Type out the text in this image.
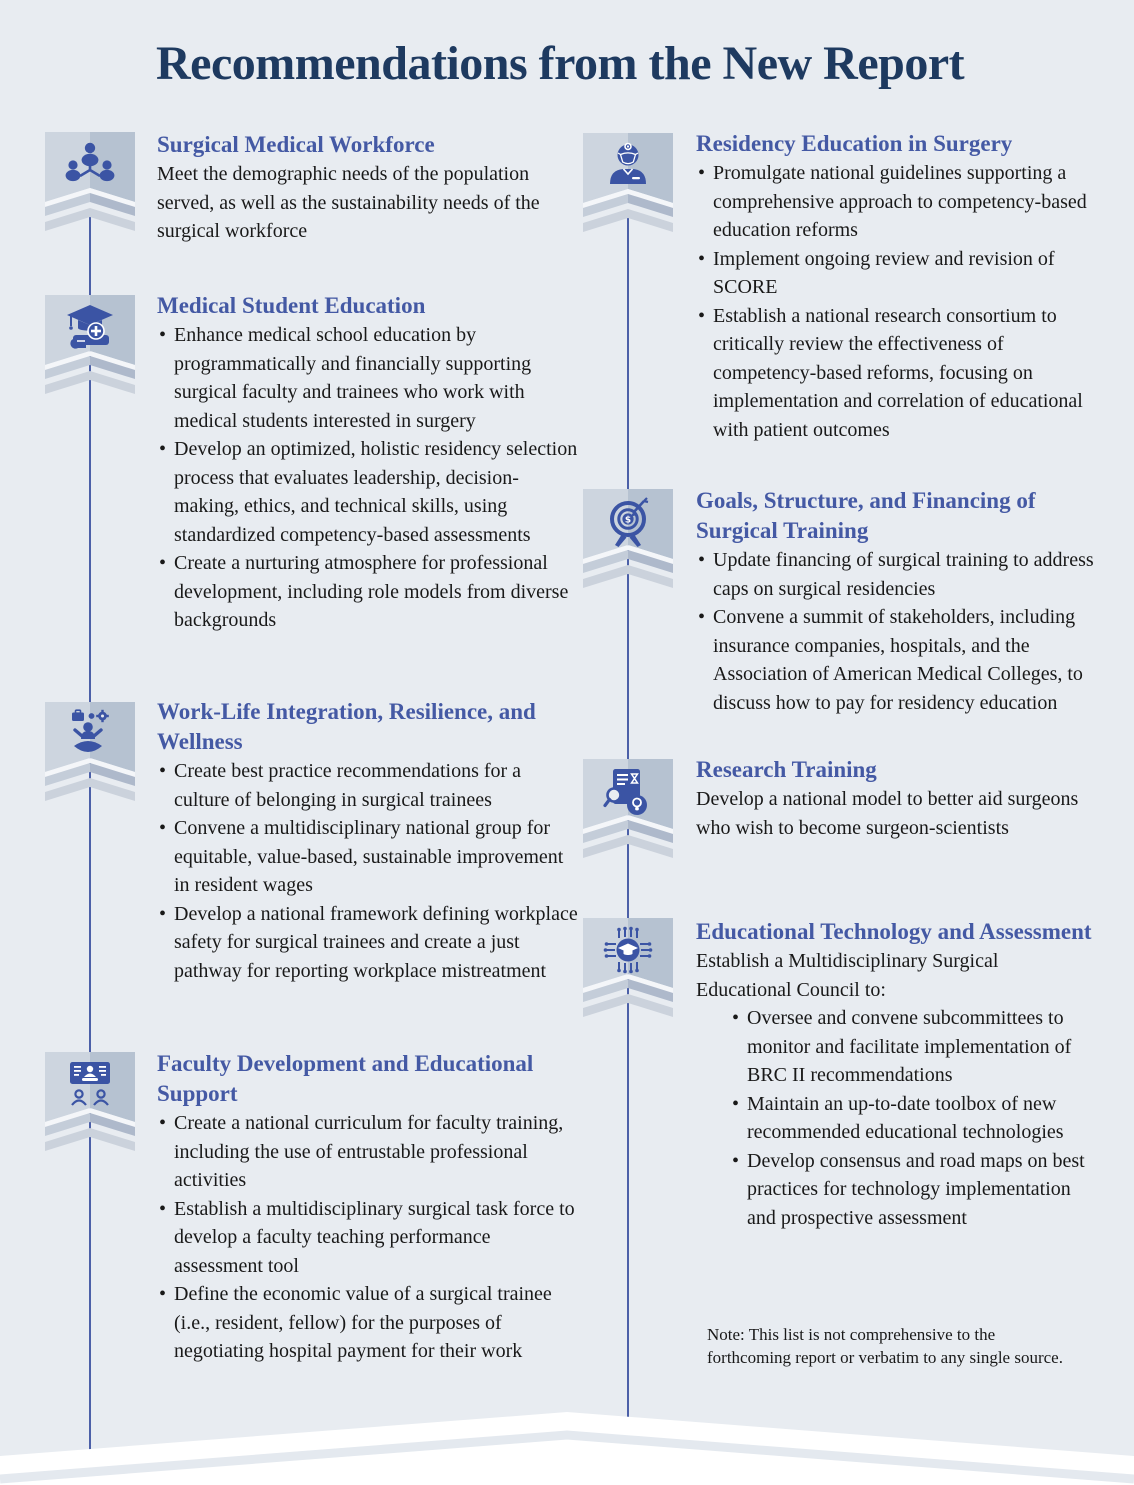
Recommendations from the New Report
$
Surgical Medical Workforce

Meet the demographic needs of the population served, as well as the sustainability needs of the surgical workforce

Medical Student Education
• Enhance medical school education by programmatically and financially supporting surgical faculty and trainees who work with medical students interested in surgery
• Develop an optimized, holistic residency selection process that evaluates leadership, decision-making, ethics, and technical skills, using standardized competency-based assessments
• Create a nurturing atmosphere for professional development, including role models from diverse backgrounds
Work-Life Integration, Resilience, and Wellness
• Create best practice recommendations for a culture of belonging in surgical trainees
• Convene a multidisciplinary national group for equitable, value-based, sustainable improvement in resident wages
• Develop a national framework defining workplace safety for surgical trainees and create a just pathway for reporting workplace mistreatment
Faculty Development and Educational Support
• Create a national curriculum for faculty training, including the use of entrustable professional activities
• Establish a multidisciplinary surgical task force to develop a faculty teaching performance assessment tool
• Define the economic value of a surgical trainee (i.e., resident, fellow) for the purposes of negotiating hospital payment for their work
Residency Education in Surgery
• Promulgate national guidelines supporting a comprehensive approach to competency-based education reforms
• Implement ongoing review and revision of SCORE
• Establish a national research consortium to critically review the effectiveness of competency-based reforms, focusing on implementation and correlation of educational with patient outcomes
Goals, Structure, and Financing of Surgical Training
• Update financing of surgical training to address caps on surgical residencies
• Convene a summit of stakeholders, including insurance companies, hospitals, and the Association of American Medical Colleges, to discuss how to pay for residency education
Research Training

Develop a national model to better aid surgeons who wish to become surgeon-scientists

Educational Technology and Assessment

Establish a Multidisciplinary Surgical Educational Council to:

• Oversee and convene subcommittees to monitor and facilitate implementation of BRC II recommendations
• Maintain an up-to-date toolbox of new recommended educational technologies
• Develop consensus and road maps on best practices for technology implementation and prospective assessment

Note: This list is not comprehensive to the forthcoming report or verbatim to any single source.
